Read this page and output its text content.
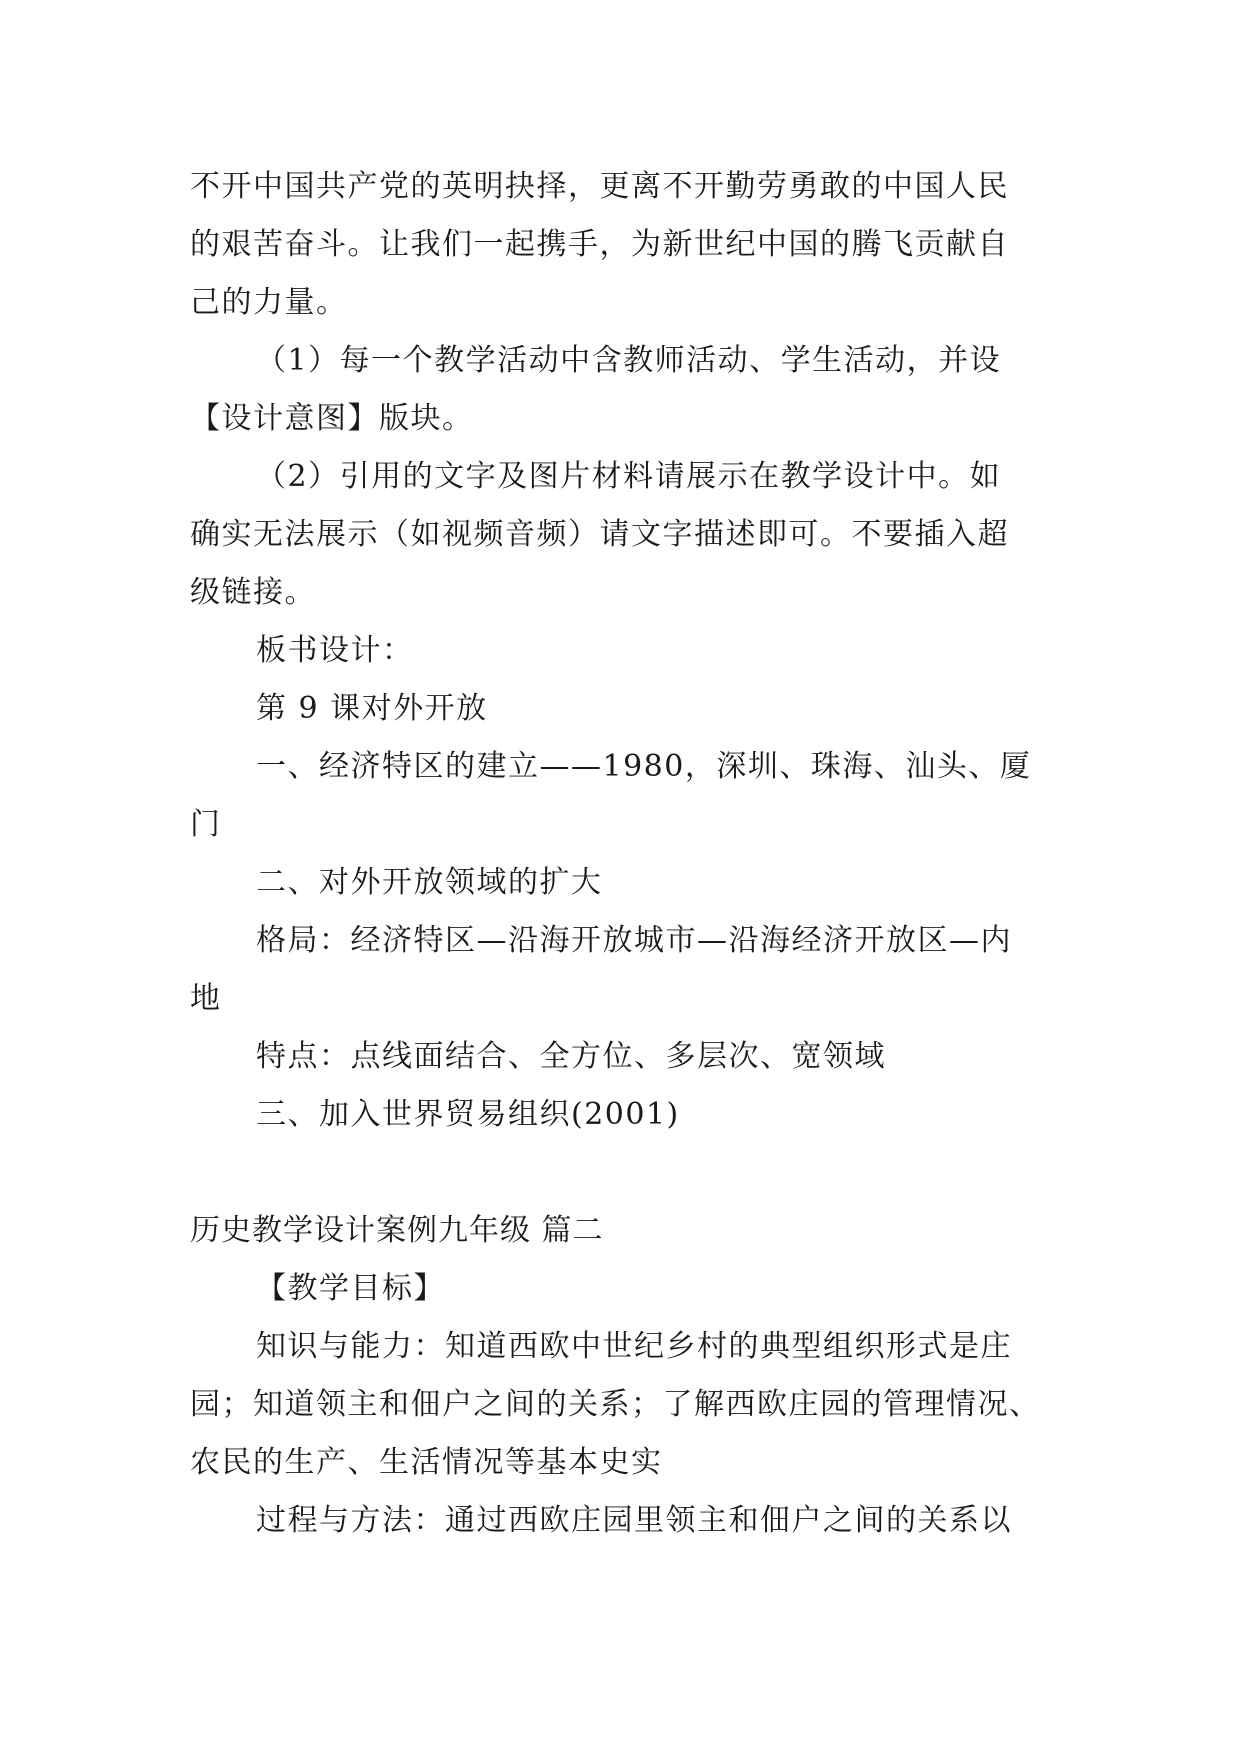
不开中国共产党的英明抉择，更离不开勤劳勇敢的中国人民
的艰苦奋斗。让我们一起携手，为新世纪中国的腾飞贡献自
己的力量。
（1）每一个教学活动中含教师活动、学生活动，并设
【设计意图】版块。
（2）引用的文字及图片材料请展示在教学设计中。如
确实无法展示（如视频音频）请文字描述即可。不要插入超
级链接。
板书设计：
第 9 课对外开放
一、经济特区的建立——1980，深圳、珠海、汕头、厦
门
二、对外开放领域的扩大
格局：经济特区—沿海开放城市—沿海经济开放区—内
地
特点：点线面结合、全方位、多层次、宽领域
三、加入世界贸易组织(2001)
历史教学设计案例九年级 篇二
【教学目标】
知识与能力：知道西欧中世纪乡村的典型组织形式是庄
园；知道领主和佃户之间的关系；了解西欧庄园的管理情况、
农民的生产、生活情况等基本史实
过程与方法：通过西欧庄园里领主和佃户之间的关系以
